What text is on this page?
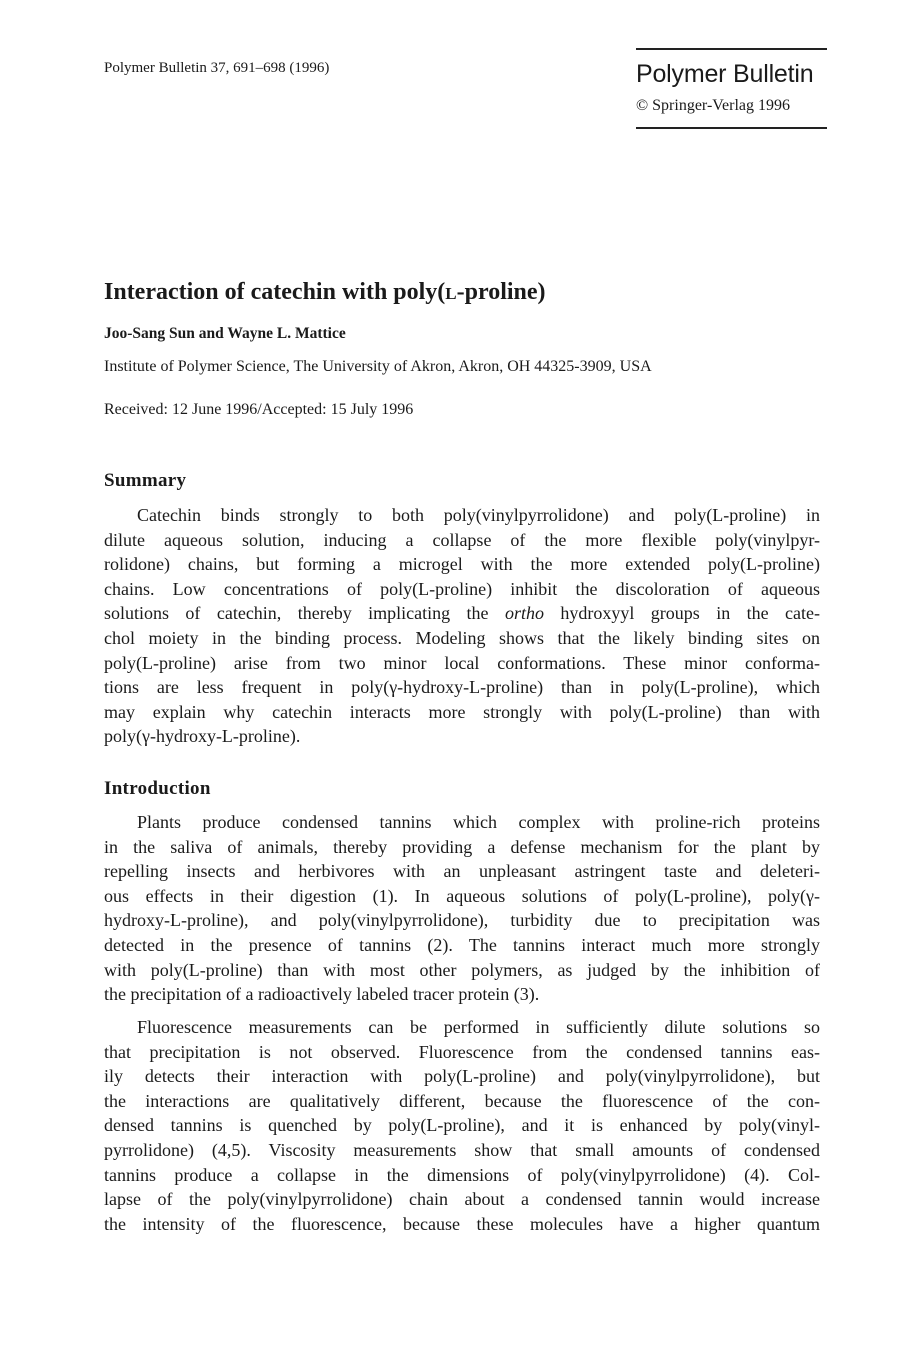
Polymer Bulletin 37, 691–698 (1996)	Polymer Bulletin
© Springer-Verlag 1996
Interaction of catechin with poly(l-proline)
Joo-Sang Sun and Wayne L. Mattice
Institute of Polymer Science, The University of Akron, Akron, OH 44325-3909, USA
Received: 12 June 1996/Accepted: 15 July 1996
Summary
Catechin binds strongly to both poly(vinylpyrrolidone) and poly(L-proline) in
dilute aqueous solution, inducing a collapse of the more flexible poly(vinylpyr-
rolidone) chains, but forming a microgel with the more extended poly(L-proline)
chains. Low concentrations of poly(L-proline) inhibit the discoloration of aqueous
solutions of catechin, thereby implicating the ortho hydroxyyl groups in the cate-
chol moiety in the binding process. Modeling shows that the likely binding sites on
poly(L-proline) arise from two minor local conformations. These minor conforma-
tions are less frequent in poly(γ-hydroxy-L-proline) than in poly(L-proline), which
may explain why catechin interacts more strongly with poly(L-proline) than with
poly(γ-hydroxy-L-proline).
Introduction
Plants produce condensed tannins which complex with proline-rich proteins
in the saliva of animals, thereby providing a defense mechanism for the plant by
repelling insects and herbivores with an unpleasant astringent taste and deleteri-
ous effects in their digestion (1). In aqueous solutions of poly(L-proline), poly(γ-
hydroxy-L-proline), and poly(vinylpyrrolidone), turbidity due to precipitation was
detected in the presence of tannins (2). The tannins interact much more strongly
with poly(L-proline) than with most other polymers, as judged by the inhibition of
the precipitation of a radioactively labeled tracer protein (3).
Fluorescence measurements can be performed in sufficiently dilute solutions so
that precipitation is not observed. Fluorescence from the condensed tannins eas-
ily detects their interaction with poly(L-proline) and poly(vinylpyrrolidone), but
the interactions are qualitatively different, because the fluorescence of the con-
densed tannins is quenched by poly(L-proline), and it is enhanced by poly(vinyl-
pyrrolidone) (4,5). Viscosity measurements show that small amounts of condensed
tannins produce a collapse in the dimensions of poly(vinylpyrrolidone) (4). Col-
lapse of the poly(vinylpyrrolidone) chain about a condensed tannin would increase
the intensity of the fluorescence, because these molecules have a higher quantum
